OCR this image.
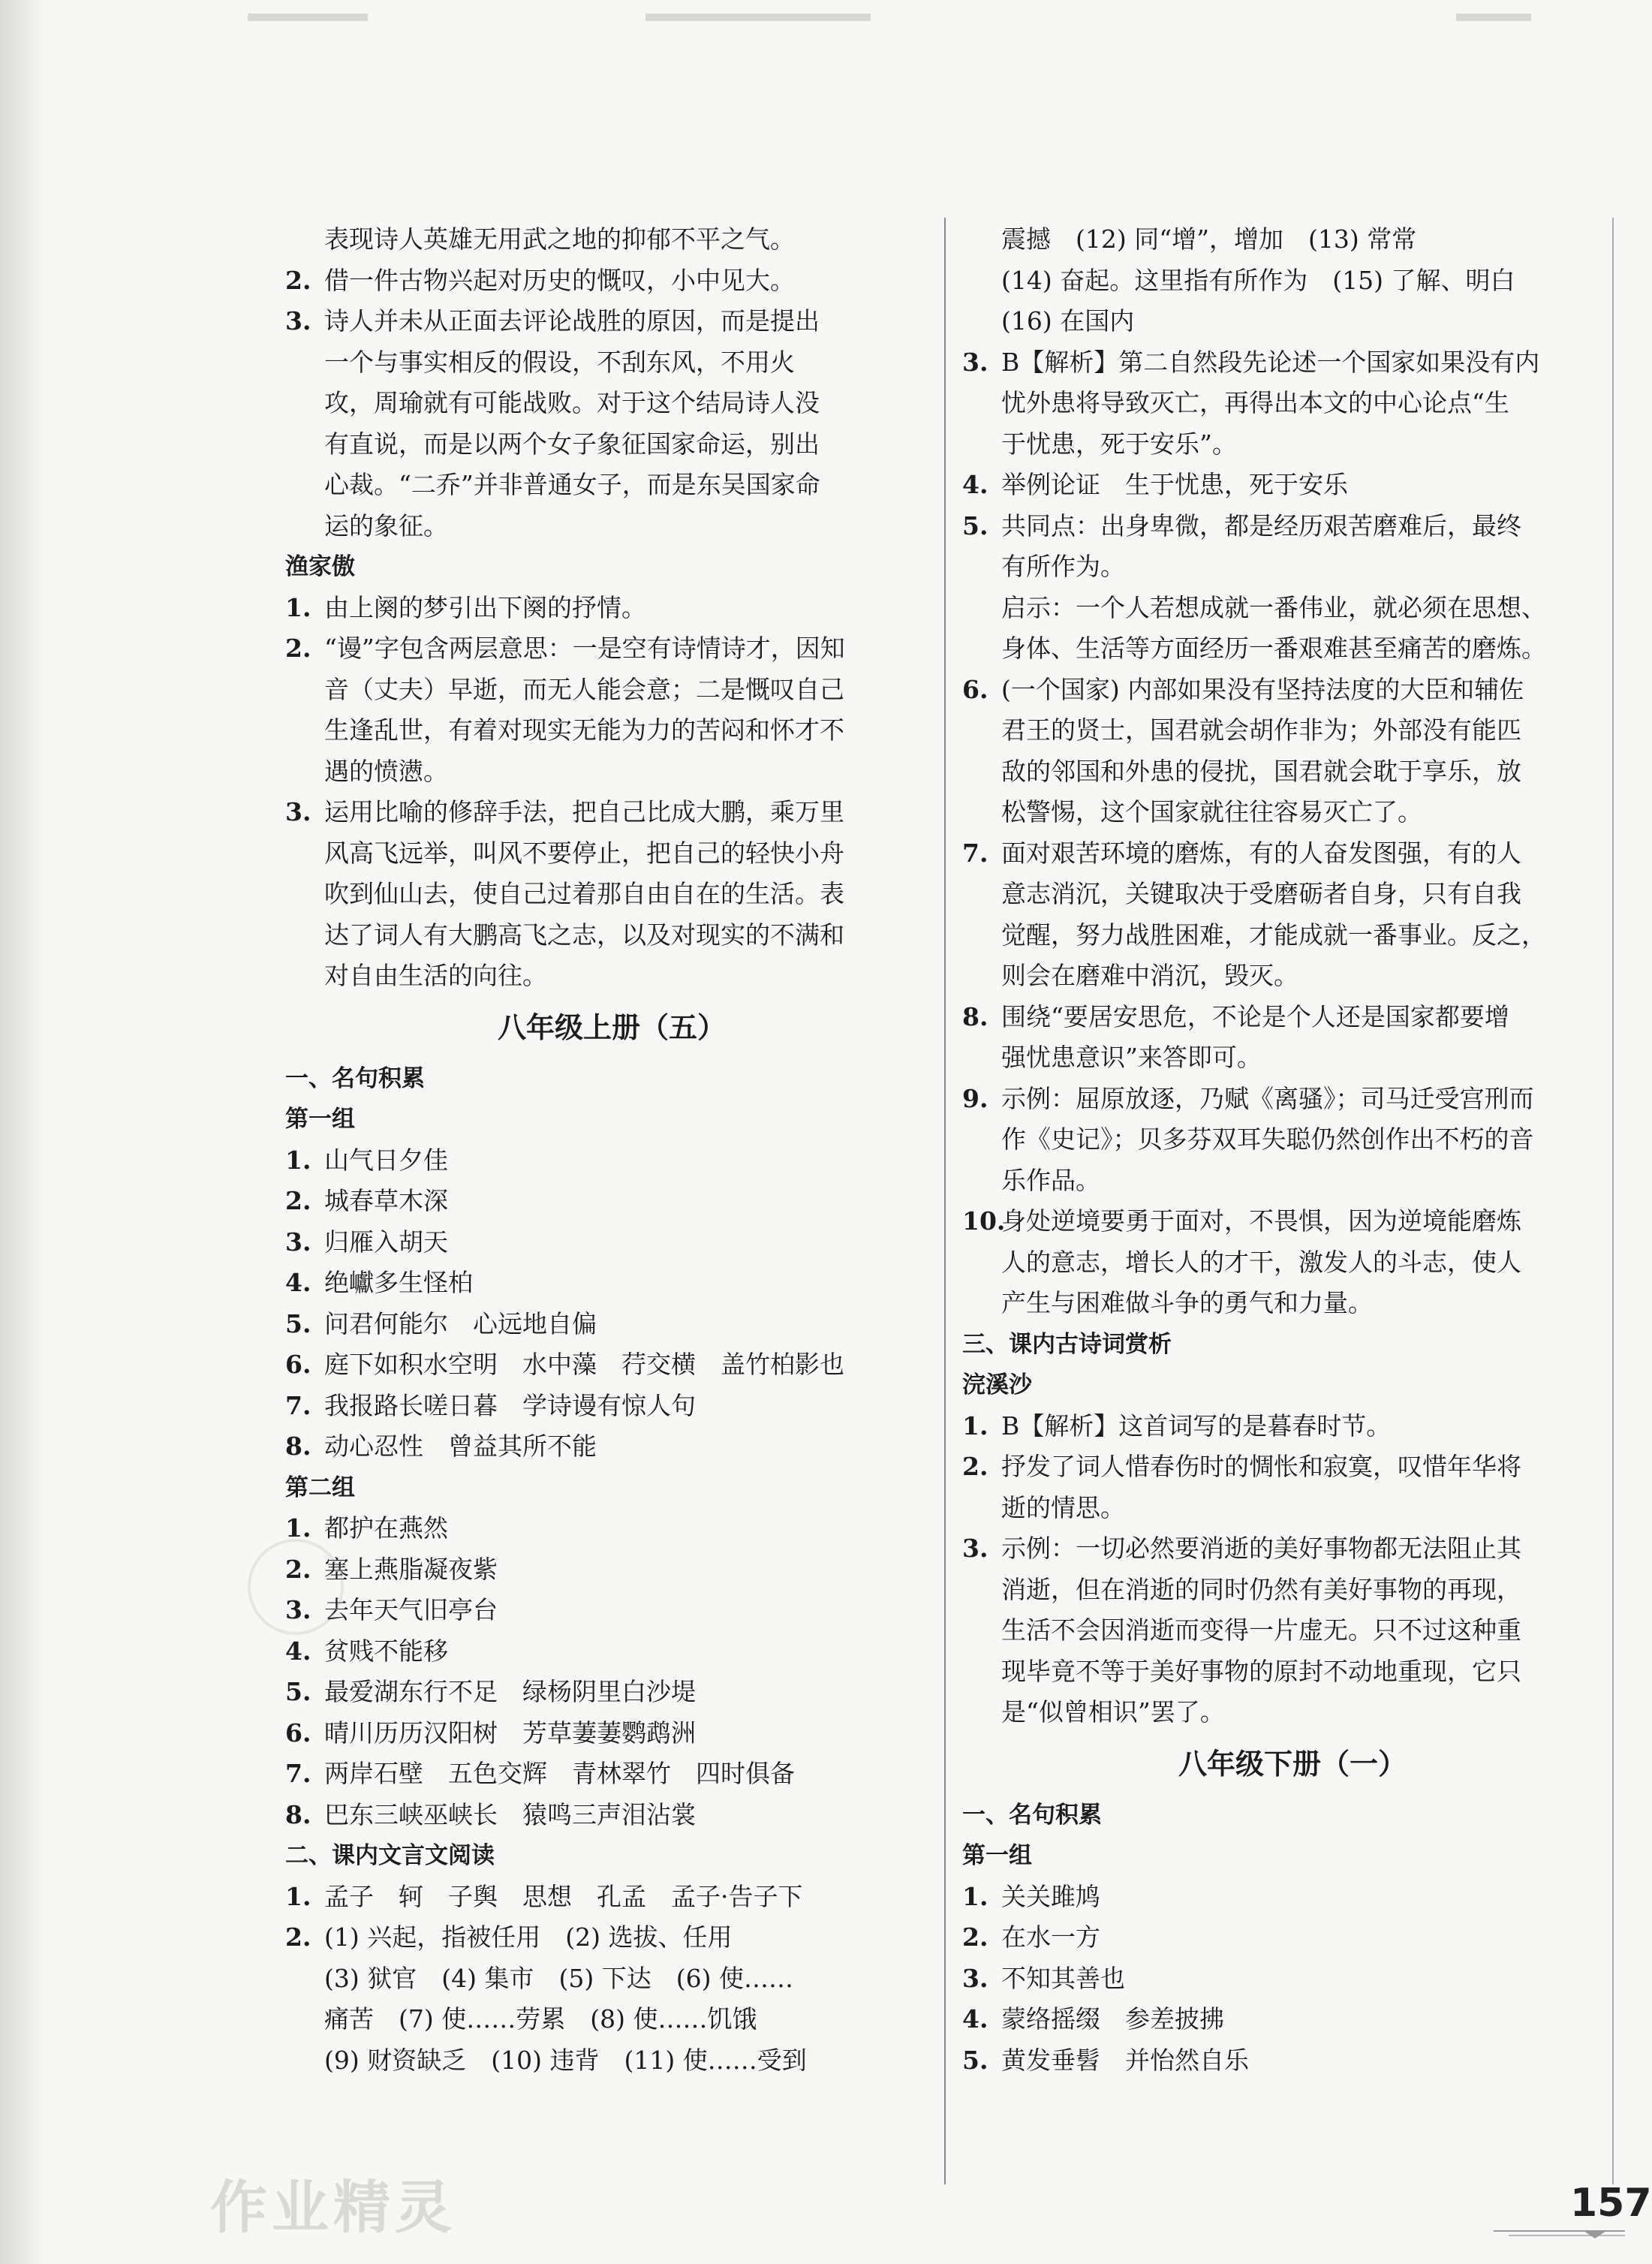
表现诗人英雄无用武之地的抑郁不平之气。
2. 借一件古物兴起对历史的慨叹，小中见大。
3. 诗人并未从正面去评论战胜的原因，而是提出
一个与事实相反的假设，不刮东风，不用火
攻，周瑜就有可能战败。对于这个结局诗人没
有直说，而是以两个女子象征国家命运，别出
心裁。“二乔”并非普通女子，而是东吴国家命
运的象征。
渔家傲
1. 由上阕的梦引出下阕的抒情。
2. “谩”字包含两层意思：一是空有诗情诗才，因知
音（丈夫）早逝，而无人能会意；二是慨叹自己
生逢乱世，有着对现实无能为力的苦闷和怀才不
遇的愤懑。
3. 运用比喻的修辞手法，把自己比成大鹏，乘万里
风高飞远举，叫风不要停止，把自己的轻快小舟
吹到仙山去，使自己过着那自由自在的生活。表
达了词人有大鹏高飞之志，以及对现实的不满和
对自由生活的向往。
八年级上册（五）
一、名句积累
第一组
1. 山气日夕佳
2. 城春草木深
3. 归雁入胡天
4. 绝巘多生怪柏
5. 问君何能尔　心远地自偏
6. 庭下如积水空明　水中藻　荇交横　盖竹柏影也
7. 我报路长嗟日暮　学诗谩有惊人句
8. 动心忍性　曾益其所不能
第二组
1. 都护在燕然
2. 塞上燕脂凝夜紫
3. 去年天气旧亭台
4. 贫贱不能移
5. 最爱湖东行不足　绿杨阴里白沙堤
6. 晴川历历汉阳树　芳草萋萋鹦鹉洲
7. 两岸石壁　五色交辉　青林翠竹　四时俱备
8. 巴东三峡巫峡长　猿鸣三声泪沾裳
二、课内文言文阅读
1. 孟子　轲　子舆　思想　孔孟　孟子·告子下
2. (1) 兴起，指被任用　(2) 选拔、任用
(3) 狱官　(4) 集市　(5) 下达　(6) 使……
痛苦　(7) 使……劳累　(8) 使……饥饿
(9) 财资缺乏　(10) 违背　(11) 使……受到
震撼　(12) 同“增”，增加　(13) 常常
(14) 奋起。这里指有所作为　(15) 了解、明白
(16) 在国内
3. B【解析】第二自然段先论述一个国家如果没有内
忧外患将导致灭亡，再得出本文的中心论点“生
于忧患，死于安乐”。
4. 举例论证　生于忧患，死于安乐
5. 共同点：出身卑微，都是经历艰苦磨难后，最终
有所作为。
启示：一个人若想成就一番伟业，就必须在思想、
身体、生活等方面经历一番艰难甚至痛苦的磨炼。
6. (一个国家) 内部如果没有坚持法度的大臣和辅佐
君王的贤士，国君就会胡作非为；外部没有能匹
敌的邻国和外患的侵扰，国君就会耽于享乐，放
松警惕，这个国家就往往容易灭亡了。
7. 面对艰苦环境的磨炼，有的人奋发图强，有的人
意志消沉，关键取决于受磨砺者自身，只有自我
觉醒，努力战胜困难，才能成就一番事业。反之，
则会在磨难中消沉，毁灭。
8. 围绕“要居安思危，不论是个人还是国家都要增
强忧患意识”来答即可。
9. 示例：屈原放逐，乃赋《离骚》；司马迁受宫刑而
作《史记》；贝多芬双耳失聪仍然创作出不朽的音
乐作品。
10.身处逆境要勇于面对，不畏惧，因为逆境能磨炼
人的意志，增长人的才干，激发人的斗志，使人
产生与困难做斗争的勇气和力量。
三、课内古诗词赏析
浣溪沙
1. B【解析】这首词写的是暮春时节。
2. 抒发了词人惜春伤时的惆怅和寂寞，叹惜年华将
逝的情思。
3. 示例：一切必然要消逝的美好事物都无法阻止其
消逝，但在消逝的同时仍然有美好事物的再现，
生活不会因消逝而变得一片虚无。只不过这种重
现毕竟不等于美好事物的原封不动地重现，它只
是“似曾相识”罢了。
八年级下册（一）
一、名句积累
第一组
1. 关关雎鸠
2. 在水一方
3. 不知其善也
4. 蒙络摇缀　参差披拂
5. 黄发垂髫　并怡然自乐
作业精灵	157
